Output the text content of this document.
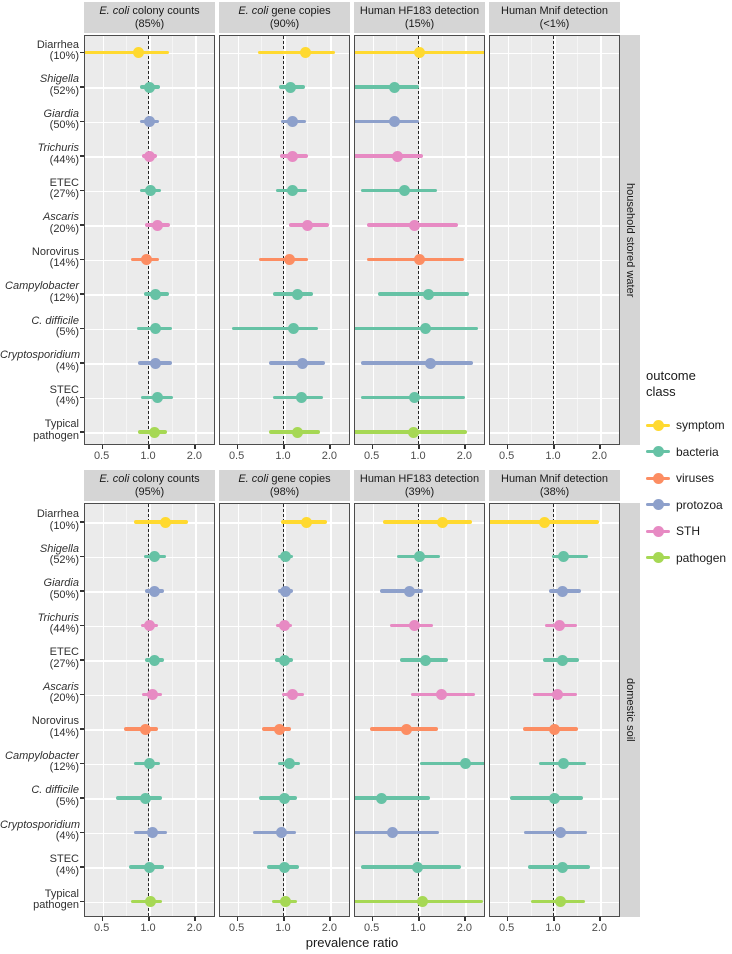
E. coli colony counts
(85%)
0.5	1.0	2.0
E. coli gene copies
(90%)
0.5	1.0	2.0
Human HF183 detection
(15%)
0.5	1.0	2.0
Human Mnif detection
(<1%)
0.5	1.0	2.0
household stored water
Diarrhea
(10%)
Shigella
(52%)
Giardia
(50%)
Trichuris
(44%)
ETEC
(27%)
Ascaris
(20%)
Norovirus
(14%)
Campylobacter
(12%)
C. difficile
(5%)
Cryptosporidium
(4%)
STEC
(4%)
Typical
pathogen
E. coli colony counts
(95%)
0.5	1.0	2.0
E. coli gene copies
(98%)
0.5	1.0	2.0
Human HF183 detection
(39%)
0.5	1.0	2.0
Human Mnif detection
(38%)
0.5	1.0	2.0
domestic soil
Diarrhea
(10%)
Shigella
(52%)
Giardia
(50%)
Trichuris
(44%)
ETEC
(27%)
Ascaris
(20%)
Norovirus
(14%)
Campylobacter
(12%)
C. difficile
(5%)
Cryptosporidium
(4%)
STEC
(4%)
Typical
pathogen
prevalence ratio
outcome class
symptom
bacteria
viruses
protozoa
STH
pathogen
